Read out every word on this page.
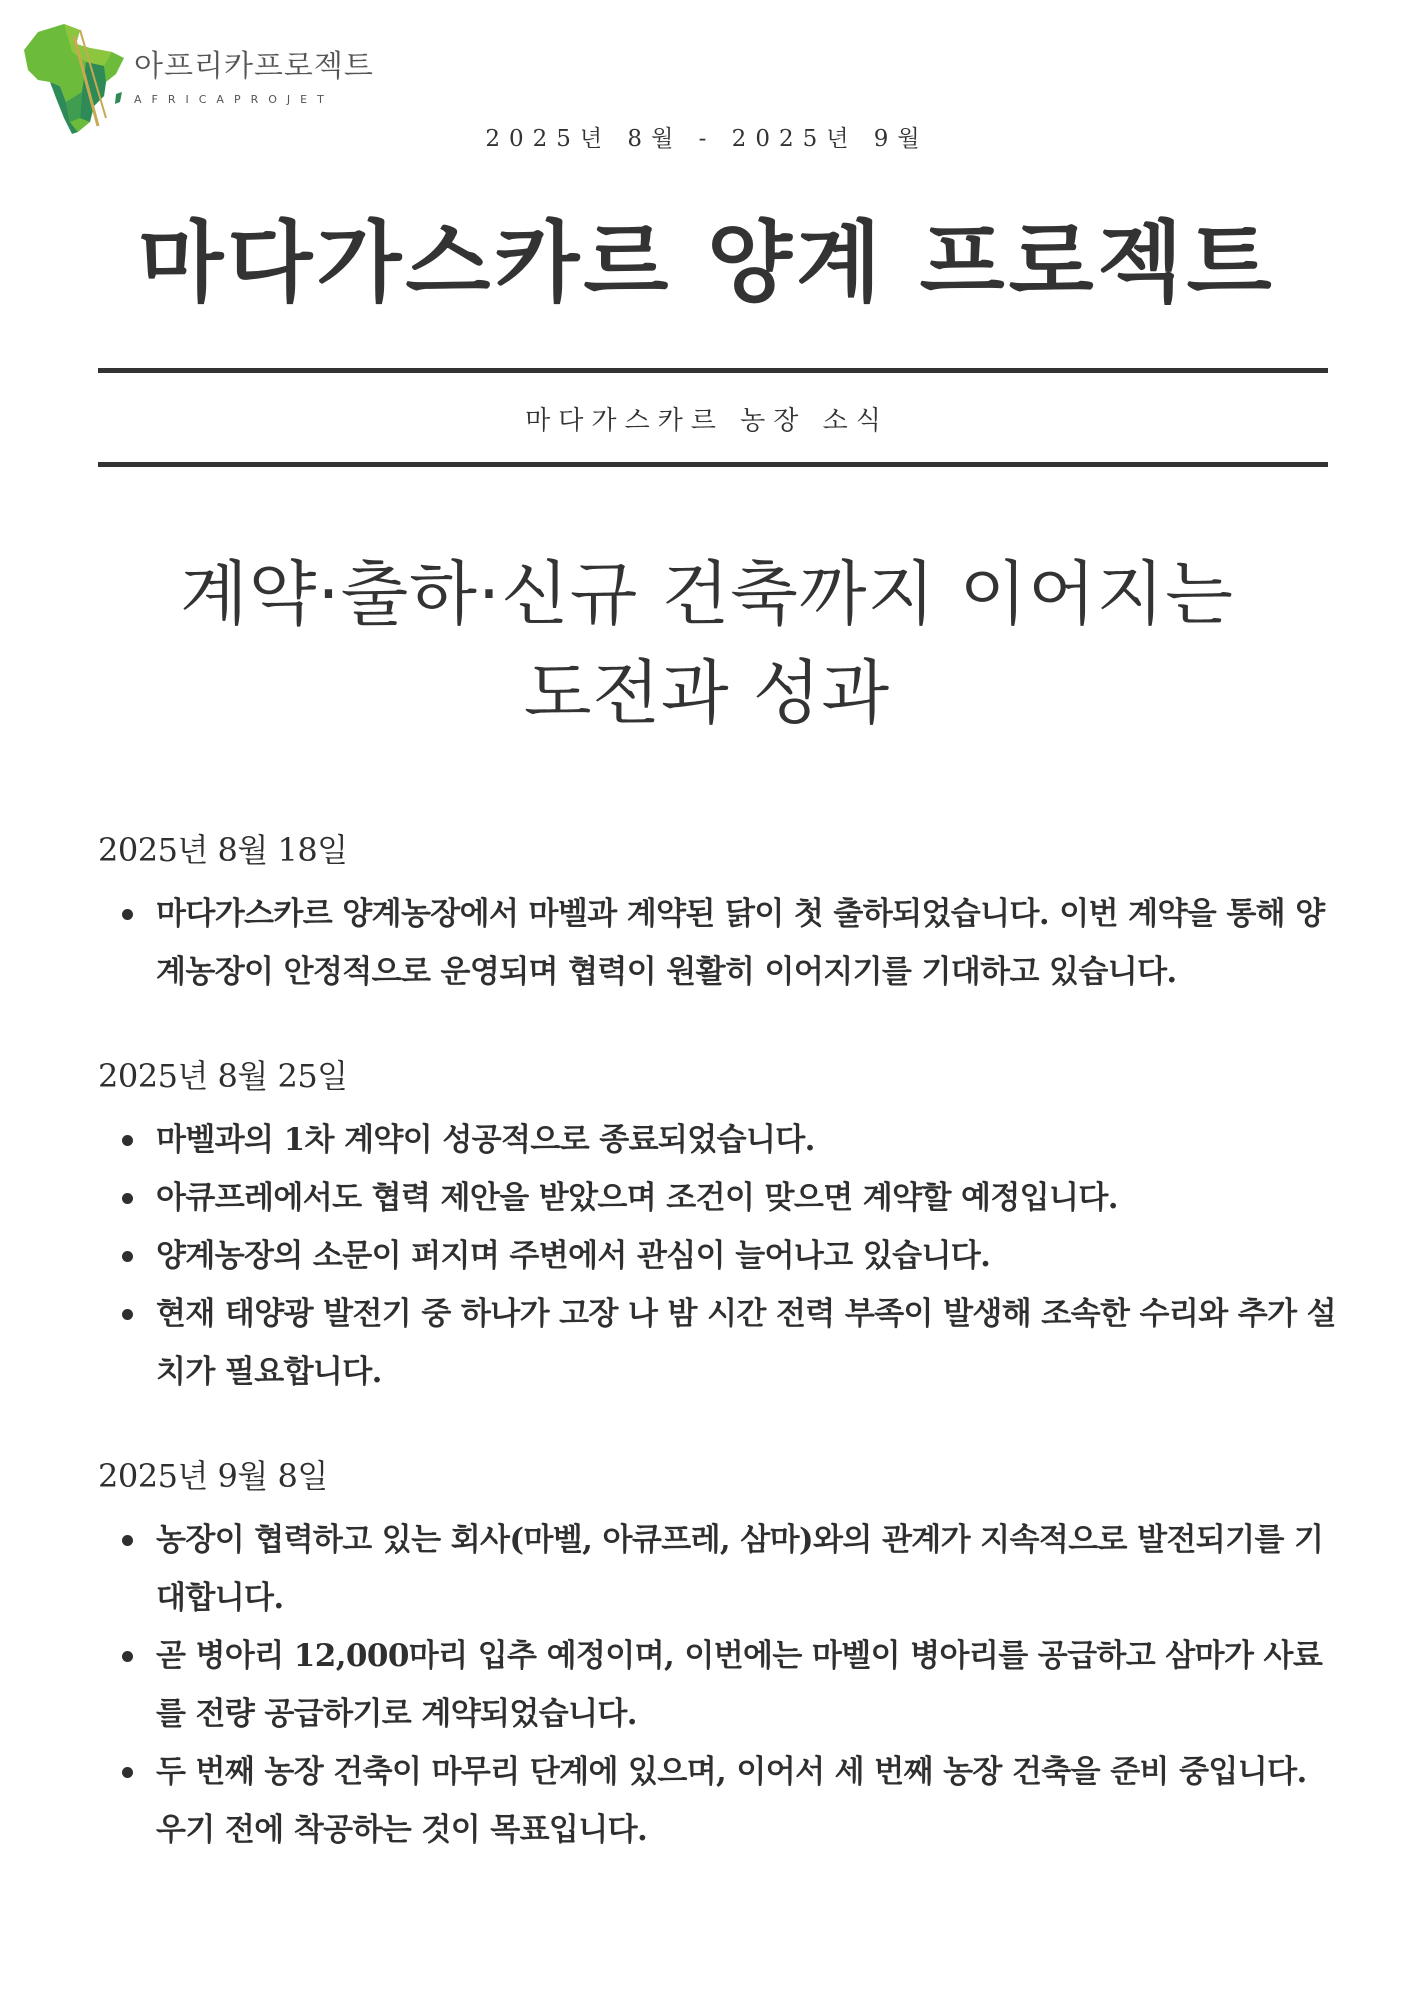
아프리카프로젝트
AFRICAPROJET
2025년 8월 - 2025년 9월
마다가스카르 양계 프로젝트
마다가스카르 농장 소식
계약·출하·신규 건축까지 이어지는
도전과 성과
2025년 8월 18일
마다가스카르 양계농장에서 마벨과 계약된 닭이 첫 출하되었습니다. 이번 계약을 통해 양계농장이 안정적으로 운영되며 협력이 원활히 이어지기를 기대하고 있습니다.
2025년 8월 25일
마벨과의 1차 계약이 성공적으로 종료되었습니다.
아큐프레에서도 협력 제안을 받았으며 조건이 맞으면 계약할 예정입니다.
양계농장의 소문이 퍼지며 주변에서 관심이 늘어나고 있습니다.
현재 태양광 발전기 중 하나가 고장 나 밤 시간 전력 부족이 발생해 조속한 수리와 추가 설치가 필요합니다.
2025년 9월 8일
농장이 협력하고 있는 회사(마벨, 아큐프레, 삼마)와의 관계가 지속적으로 발전되기를 기대합니다.
곧 병아리 12,000마리 입추 예정이며, 이번에는 마벨이 병아리를 공급하고 삼마가 사료를 전량 공급하기로 계약되었습니다.
두 번째 농장 건축이 마무리 단계에 있으며, 이어서 세 번째 농장 건축을 준비 중입니다. 우기 전에 착공하는 것이 목표입니다.
